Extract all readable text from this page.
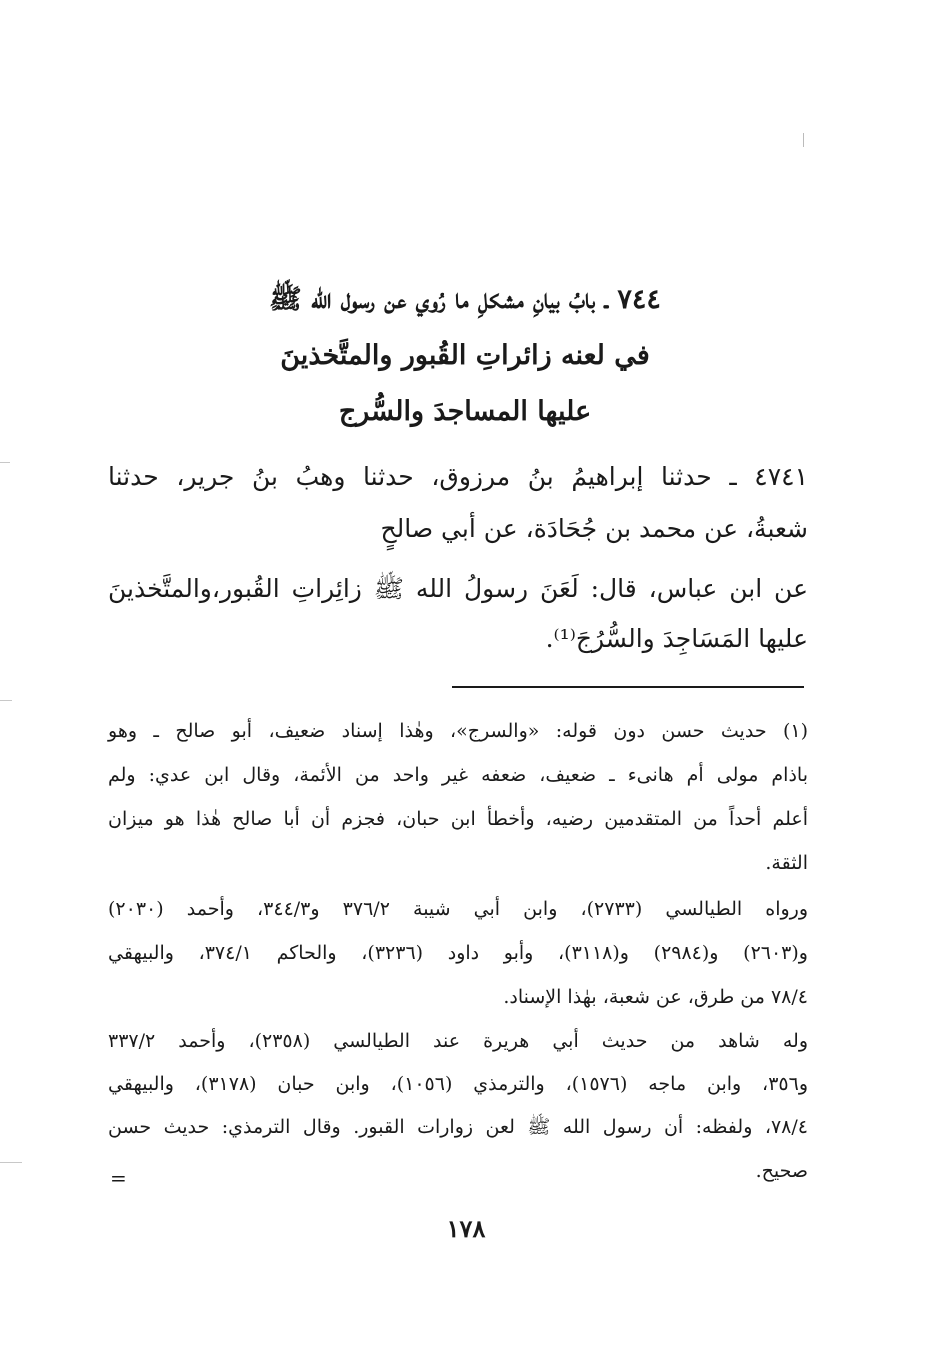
٧٤٤ ـ بابُ بيانِ مشكلِ ما رُوي عن رسول الله ﷺ
في لعنه زائراتِ القُبور والمتَّخذينَ
عليها المساجدَ والسُّرج
٤٧٤١ ـ حدثنا إبراهيمُ بنُ مرزوق، حدثنا وهبُ بنُ جرير، حدثنا
شعبةُ، عن محمد بن جُحَادَة، عن أبي صالحٍ
عن ابن عباس، قال: لَعَنَ رسولُ الله ﷺ زائِراتِ القُبور،والمتَّخذينَ
عليها المَسَاجِدَ والسُّرُجَ⁽¹⁾.
(١) حديث حسن دون قوله: «والسرج»، وهٰذا إسناد ضعيف، أبو صالح ـ وهو
باذام مولى أم هانىء ـ ضعيف، ضعفه غير واحد من الأئمة، وقال ابن عدي: ولم
أعلم أحداً من المتقدمين رضيه، وأخطأ ابن حبان، فجزم أن أبا صالح هٰذا هو ميزان
الثقة.
ورواه الطيالسي (٢٧٣٣)، وابن أبي شيبة ٣٧٦/٢ و٣٤٤/٣، وأحمد (٢٠٣٠)
و(٢٦٠٣) و(٢٩٨٤) و(٣١١٨)، وأبو داود (٣٢٣٦)، والحاكم ٣٧٤/١، والبيهقي
٧٨/٤ من طرق، عن شعبة، بهٰذا الإسناد.
وله شاهد من حديث أبي هريرة عند الطيالسي (٢٣٥٨)، وأحمد ٣٣٧/٢
و٣٥٦، وابن ماجه (١٥٧٦)، والترمذي (١٠٥٦)، وابن حبان (٣١٧٨)، والبيهقي
٧٨/٤، ولفظه: أن رسول الله ﷺ لعن زوارات القبور. وقال الترمذي: حديث حسن
صحيح.
=
١٧٨
